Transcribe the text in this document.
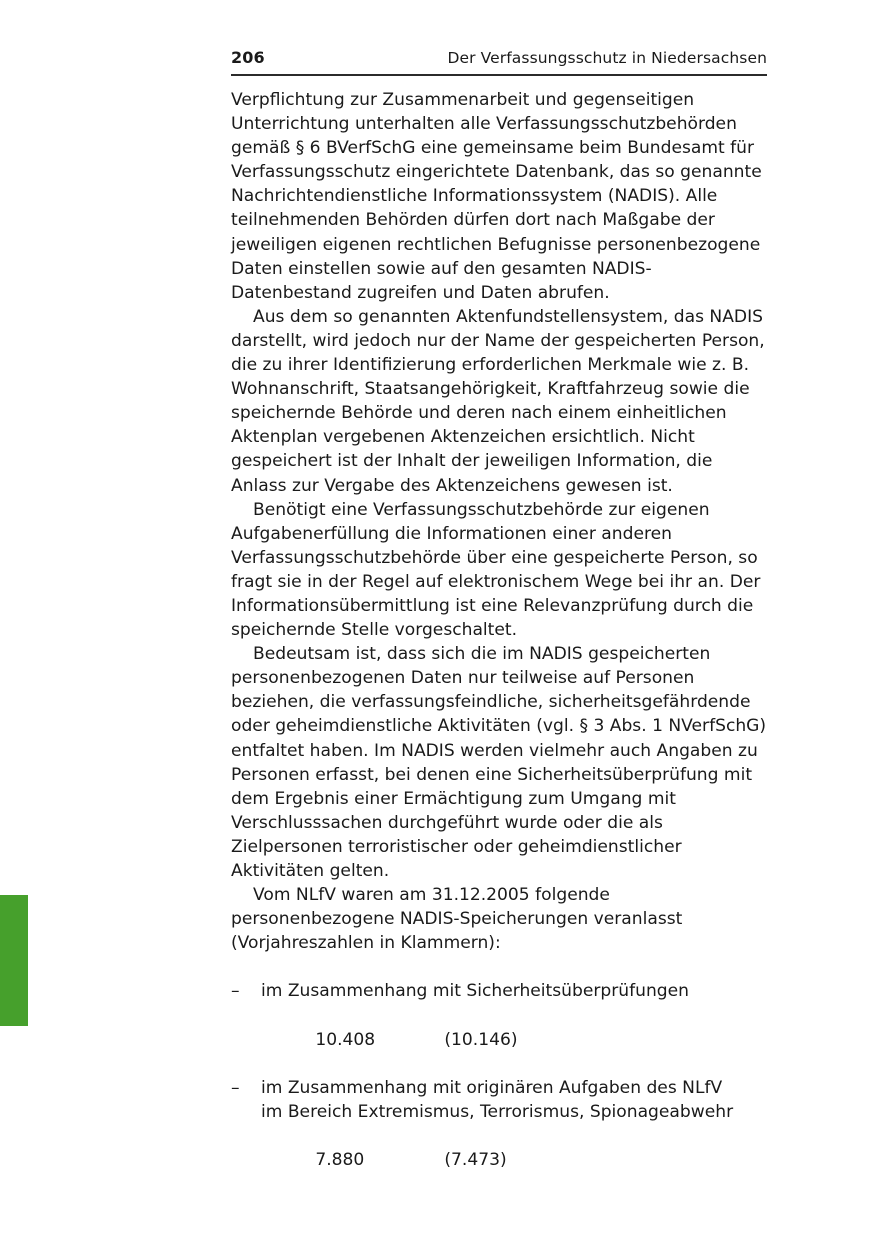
206	Der Verfassungsschutz in Niedersachsen

Verpflichtung zur Zusammenarbeit und gegenseitigen Unterrichtung unterhalten alle Verfassungsschutzbehörden gemäß § 6 BVerfSchG eine gemeinsame beim Bundesamt für Verfassungsschutz eingerichtete Datenbank, das so genannte Nachrichtendienstliche Informationssystem (NADIS). Alle teilnehmenden Behörden dürfen dort nach Maßgabe der jeweiligen eigenen rechtlichen Befugnisse personenbezogene Daten einstellen sowie auf den gesamten NADIS-Datenbestand zugreifen und Daten abrufen.

Aus dem so genannten Aktenfundstellensystem, das NADIS darstellt, wird jedoch nur der Name der gespeicherten Person, die zu ihrer Identifizierung erforderlichen Merkmale wie z. B. Wohnanschrift, Staatsangehörigkeit, Kraftfahrzeug sowie die speichernde Behörde und deren nach einem einheitlichen Aktenplan vergebenen Aktenzeichen ersichtlich. Nicht gespeichert ist der Inhalt der jeweiligen Information, die Anlass zur Vergabe des Aktenzeichens gewesen ist.

Benötigt eine Verfassungsschutzbehörde zur eigenen Aufgabenerfüllung die Informationen einer anderen Verfassungsschutzbehörde über eine gespeicherte Person, so fragt sie in der Regel auf elektronischem Wege bei ihr an. Der Informationsübermittlung ist eine Relevanzprüfung durch die speichernde Stelle vorgeschaltet.

Bedeutsam ist, dass sich die im NADIS gespeicherten personenbezogenen Daten nur teilweise auf Personen beziehen, die verfassungsfeindliche, sicherheitsgefährdende oder geheimdienstliche Aktivitäten (vgl. § 3 Abs. 1 NVerfSchG) entfaltet haben. Im NADIS werden vielmehr auch Angaben zu Personen erfasst, bei denen eine Sicherheitsüberprüfung mit dem Ergebnis einer Ermächtigung zum Umgang mit Verschlusssachen durchgeführt wurde oder die als Zielpersonen terroristischer oder geheimdienstlicher Aktivitäten gelten.

Vom NLfV waren am 31.12.2005 folgende personenbezogene NADIS-Speicherungen veranlasst (Vorjahreszahlen in Klammern):

– im Zusammenhang mit Sicherheitsüberprüfungen

10.408	(10.146)

– im Zusammenhang mit originären Aufgaben des NLfV
im Bereich Extremismus, Terrorismus, Spionageabwehr

7.880	(7.473)
